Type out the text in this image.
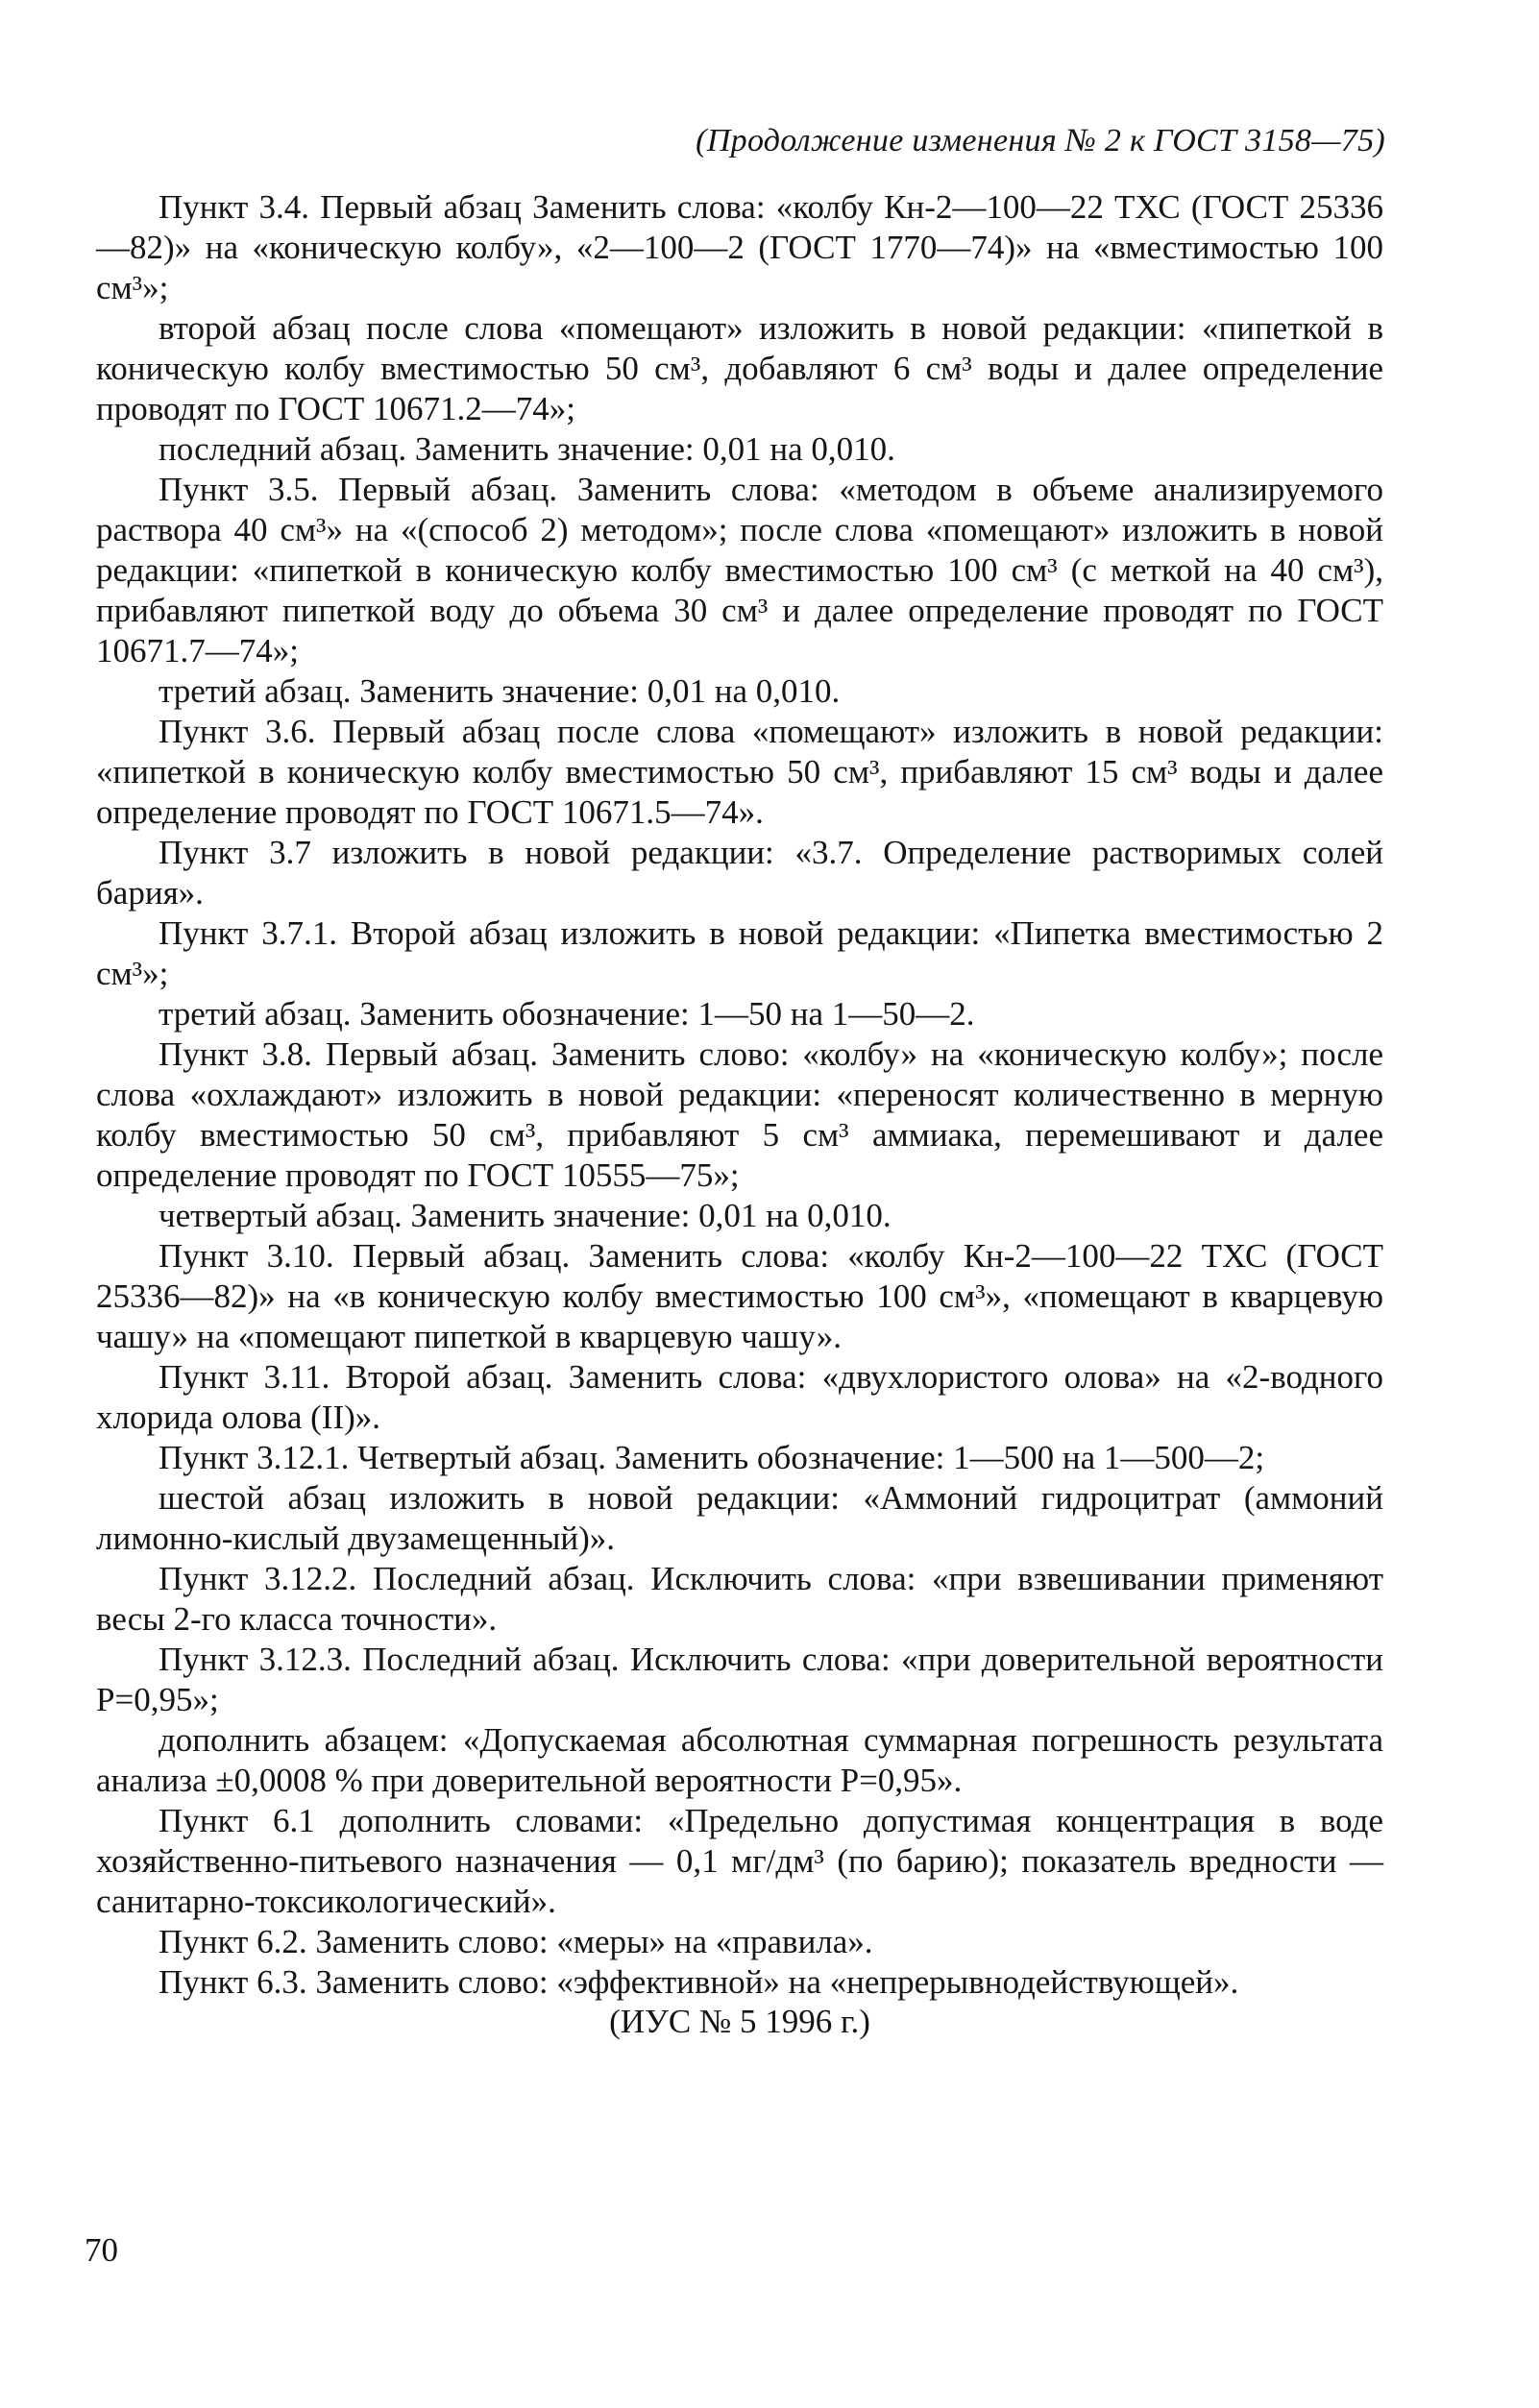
(Продолжение изменения № 2 к ГОСТ 3158—75)

Пункт 3.4. Первый абзац Заменить слова: «колбу Кн-2—100—22 ТХС (ГОСТ 25336—82)» на «коническую колбу», «2—100—2 (ГОСТ 1770—74)» на «вместимостью 100 см³»;

второй абзац после слова «помещают» изложить в новой редакции: «пипеткой в коническую колбу вместимостью 50 см³, добавляют 6 см³ воды и далее определение проводят по ГОСТ 10671.2—74»;

последний абзац. Заменить значение: 0,01 на 0,010.

Пункт 3.5. Первый абзац. Заменить слова: «методом в объеме анализируемого раствора 40 см³» на «(способ 2) методом»; после слова «помещают» изложить в новой редакции: «пипеткой в коническую колбу вместимостью 100 см³ (с меткой на 40 см³), прибавляют пипеткой воду до объема 30 см³ и далее определение проводят по ГОСТ 10671.7—74»;

третий абзац. Заменить значение: 0,01 на 0,010.

Пункт 3.6. Первый абзац после слова «помещают» изложить в новой редакции: «пипеткой в коническую колбу вместимостью 50 см³, прибавляют 15 см³ воды и далее определение проводят по ГОСТ 10671.5—74».

Пункт 3.7 изложить в новой редакции: «3.7. Определение растворимых солей бария».

Пункт 3.7.1. Второй абзац изложить в новой редакции: «Пипетка вместимостью 2 см³»;

третий абзац. Заменить обозначение: 1—50 на 1—50—2.

Пункт 3.8. Первый абзац. Заменить слово: «колбу» на «коническую колбу»; после слова «охлаждают» изложить в новой редакции: «переносят количественно в мерную колбу вместимостью 50 см³, прибавляют 5 см³ аммиака, перемешивают и далее определение проводят по ГОСТ 10555—75»;

четвертый абзац. Заменить значение: 0,01 на 0,010.

Пункт 3.10. Первый абзац. Заменить слова: «колбу Кн-2—100—22 ТХС (ГОСТ 25336—82)» на «в коническую колбу вместимостью 100 см³», «помещают в кварцевую чашу» на «помещают пипеткой в кварцевую чашу».

Пункт 3.11. Второй абзац. Заменить слова: «двухлористого олова» на «2-водного хлорида олова (II)».

Пункт 3.12.1. Четвертый абзац. Заменить обозначение: 1—500 на 1—500—2;

шестой абзац изложить в новой редакции: «Аммоний гидроцитрат (аммоний лимонно-кислый двузамещенный)».

Пункт 3.12.2. Последний абзац. Исключить слова: «при взвешивании применяют весы 2-го класса точности».

Пункт 3.12.3. Последний абзац. Исключить слова: «при доверительной вероятности P=0,95»;

дополнить абзацем: «Допускаемая абсолютная суммарная погрешность результата анализа ±0,0008 % при доверительной вероятности P=0,95».

Пункт 6.1 дополнить словами: «Предельно допустимая концентрация в воде хозяйственно-питьевого назначения — 0,1 мг/дм³ (по барию); показатель вредности — санитарно-токсикологический».

Пункт 6.2. Заменить слово: «меры» на «правила».

Пункт 6.3. Заменить слово: «эффективной» на «непрерывнодействующей».

(ИУС № 5 1996 г.)
70
